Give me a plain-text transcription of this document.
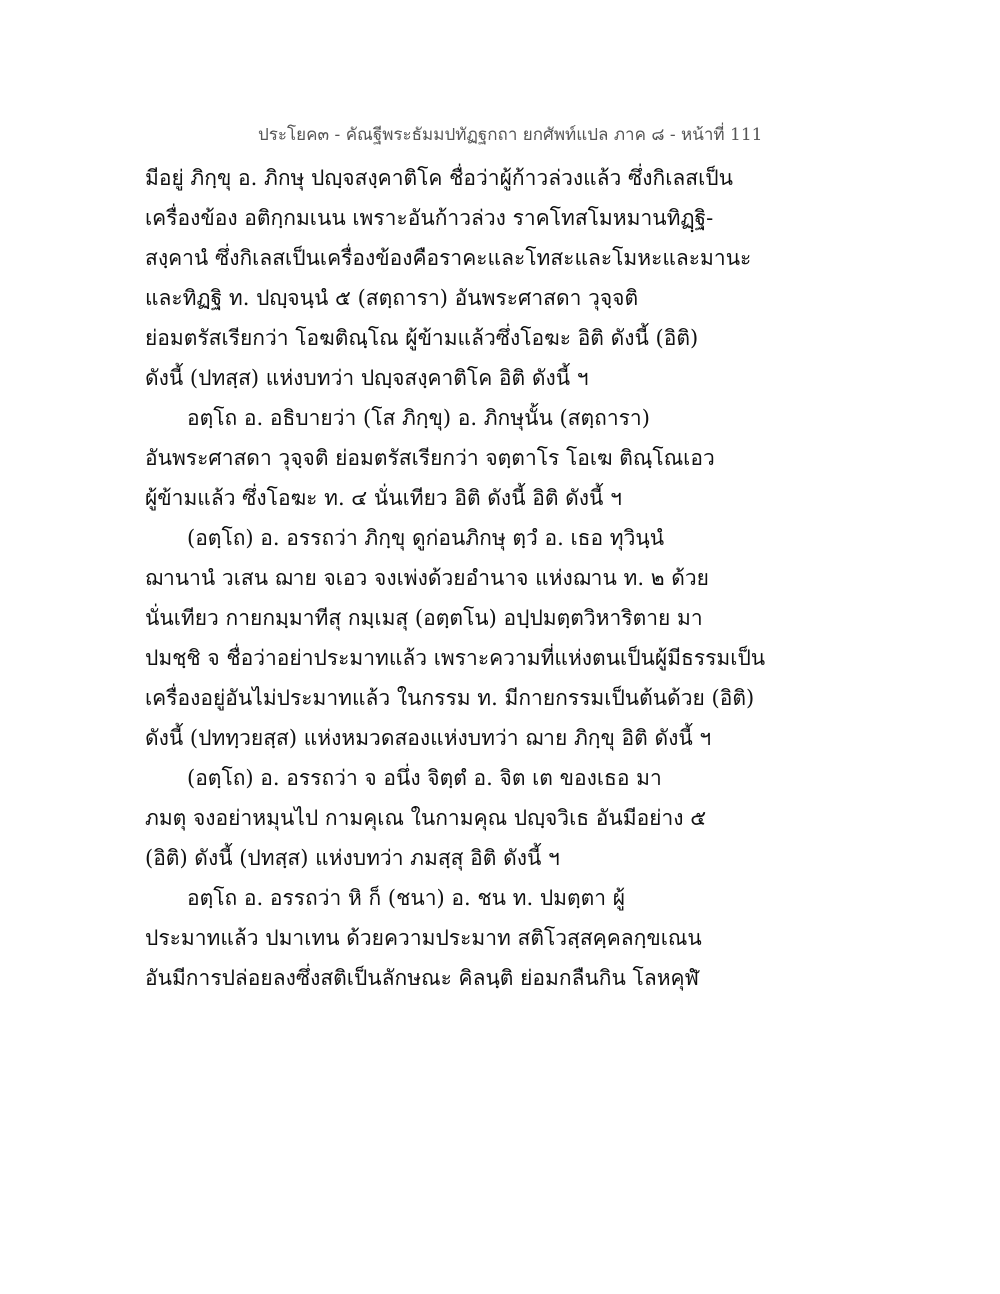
ประโยค๓ - คัณฐีพระธัมมปทัฏฐกถา ยกศัพท์แปล ภาค ๘ - หน้าที่ 111
มีอยู่ ภิกฺขุ อ. ภิกษุ ปญฺจสงฺคาติโค ชื่อว่าผู้ก้าวล่วงแล้ว ซึ่งกิเลสเป็น
เครื่องข้อง อติกฺกมเนน เพราะอันก้าวล่วง ราคโทสโมหมานทิฏฺฐิ-
สงฺคานํ ซึ่งกิเลสเป็นเครื่องข้องคือราคะและโทสะและโมหะและมานะ
และทิฏฐิ ท. ปญฺจนฺนํ ๕ (สตฺถารา) อันพระศาสดา วุจฺจติ
ย่อมตรัสเรียกว่า โอฆติณฺโณ ผู้ข้ามแล้วซึ่งโอฆะ อิติ ดังนี้ (อิติ)
ดังนี้ (ปทสฺส) แห่งบทว่า ปญฺจสงฺคาติโค อิติ ดังนี้ ฯ
อตฺโถ อ. อธิบายว่า (โส ภิกฺขุ) อ. ภิกษุนั้น (สตฺถารา)
อันพระศาสดา วุจฺจติ ย่อมตรัสเรียกว่า จตฺตาโร โอเฆ ติณฺโณเอว
ผู้ข้ามแล้ว ซึ่งโอฆะ ท. ๔ นั่นเทียว อิติ ดังนี้ อิติ ดังนี้ ฯ
(อตฺโถ) อ. อรรถว่า ภิกฺขุ ดูก่อนภิกษุ ตฺวํ อ. เธอ ทุวินฺนํ
ฌานานํ วเสน ฌาย จเอว จงเพ่งด้วยอำนาจ แห่งฌาน ท. ๒ ด้วย
นั่นเทียว กายกมฺมาทีสุ กมฺเมสุ (อตฺตโน) อปฺปมตฺตวิหาริตาย มา
ปมชฺชิ จ ชื่อว่าอย่าประมาทแล้ว เพราะความที่แห่งตนเป็นผู้มีธรรมเป็น
เครื่องอยู่อันไม่ประมาทแล้ว ในกรรม ท. มีกายกรรมเป็นต้นด้วย (อิติ)
ดังนี้ (ปททฺวยสฺส) แห่งหมวดสองแห่งบทว่า ฌาย ภิกฺขุ อิติ ดังนี้ ฯ
(อตฺโถ) อ. อรรถว่า จ อนึ่ง จิตฺตํ อ. จิต เต ของเธอ มา
ภมตุ จงอย่าหมุนไป กามคุเณ ในกามคุณ ปญฺจวิเธ อันมีอย่าง ๕
(อิติ) ดังนี้ (ปทสฺส) แห่งบทว่า ภมสฺสุ อิติ ดังนี้ ฯ
อตฺโถ อ. อรรถว่า หิ ก็ (ชนา) อ. ชน ท. ปมตฺตา ผู้
ประมาทแล้ว ปมาเทน ด้วยความประมาท สติโวสฺสคฺคลกฺขเณน
อันมีการปล่อยลงซึ่งสติเป็นลักษณะ คิลนฺติ ย่อมกลืนกิน โลหคุฬํ
